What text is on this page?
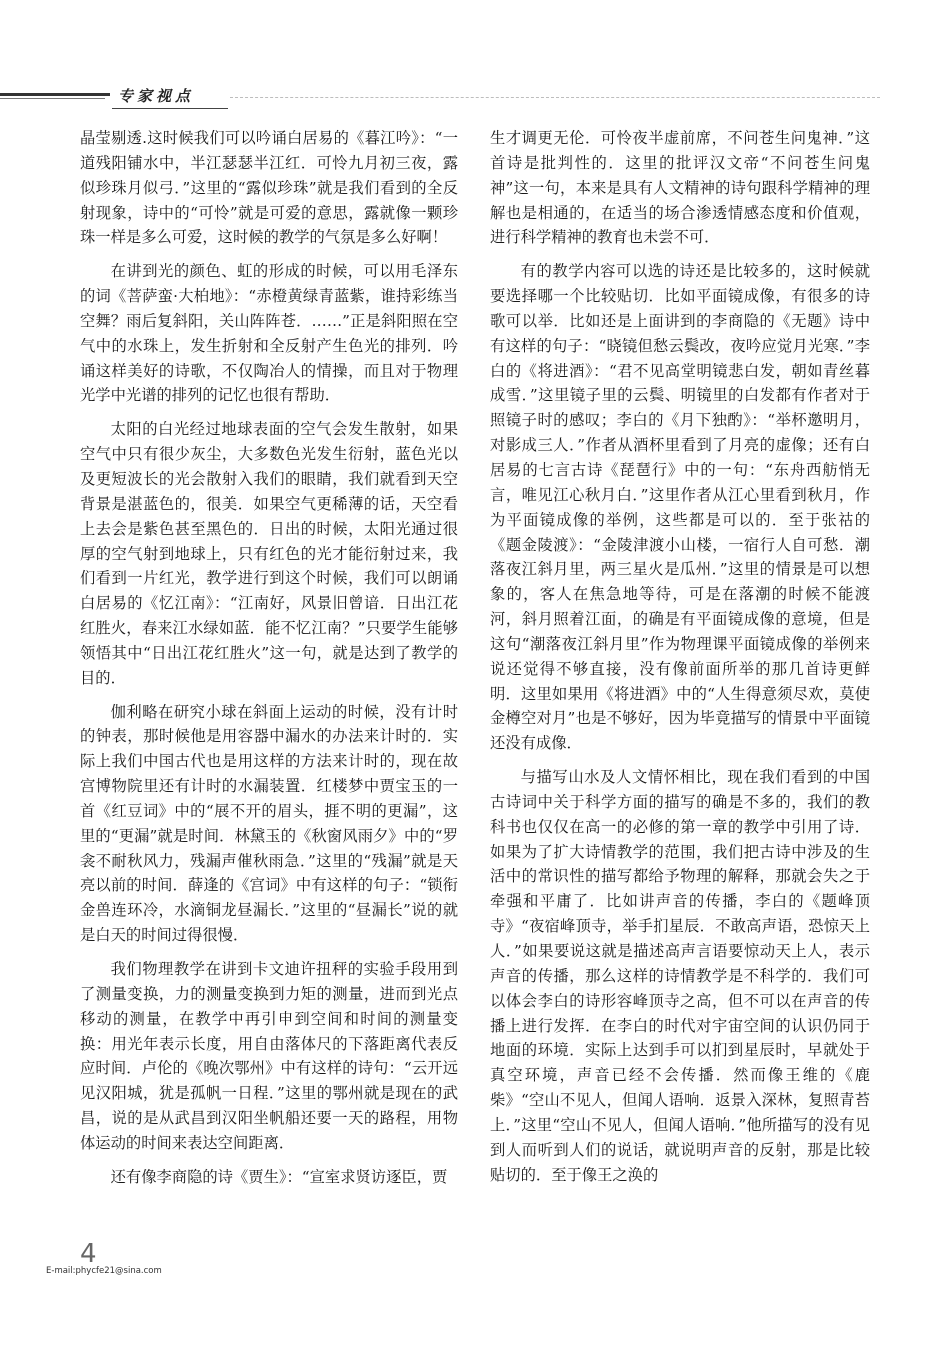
专家视点

晶莹剔透.这时候我们可以吟诵白居易的《暮江吟》：“一道残阳铺水中，半江瑟瑟半江红．可怜九月初三夜，露似珍珠月似弓．”这里的“露似珍珠”就是我们看到的全反射现象，诗中的“可怜”就是可爱的意思，露就像一颗珍珠一样是多么可爱，这时候的教学的气氛是多么好啊！

在讲到光的颜色、虹的形成的时候，可以用毛泽东的词《菩萨蛮·大柏地》：“赤橙黄绿青蓝紫，谁持彩练当空舞？雨后复斜阳，关山阵阵苍．……”正是斜阳照在空气中的水珠上，发生折射和全反射产生色光的排列．吟诵这样美好的诗歌，不仅陶冶人的情操，而且对于物理光学中光谱的排列的记忆也很有帮助．

太阳的白光经过地球表面的空气会发生散射，如果空气中只有很少灰尘，大多数色光发生衍射，蓝色光以及更短波长的光会散射入我们的眼睛，我们就看到天空背景是湛蓝色的，很美．如果空气更稀薄的话，天空看上去会是紫色甚至黑色的．日出的时候，太阳光通过很厚的空气射到地球上，只有红色的光才能衍射过来，我们看到一片红光，教学进行到这个时候，我们可以朗诵白居易的《忆江南》：“江南好，风景旧曾谙．日出江花红胜火，春来江水绿如蓝．能不忆江南？”只要学生能够领悟其中“日出江花红胜火”这一句，就是达到了教学的目的．

伽利略在研究小球在斜面上运动的时候，没有计时的钟表，那时候他是用容器中漏水的办法来计时的．实际上我们中国古代也是用这样的方法来计时的，现在故宫博物院里还有计时的水漏装置．红楼梦中贾宝玉的一首《红豆词》中的“展不开的眉头，捱不明的更漏”，这里的“更漏”就是时间．林黛玉的《秋窗风雨夕》中的“罗衾不耐秋风力，残漏声催秋雨急．”这里的“残漏”就是天亮以前的时间．薛逢的《宫词》中有这样的句子：“锁衔金兽连环冷，水滴铜龙昼漏长．”这里的“昼漏长”说的就是白天的时间过得很慢．

我们物理教学在讲到卡文迪许扭秤的实验手段用到了测量变换，力的测量变换到力矩的测量，进而到光点移动的测量，在教学中再引申到空间和时间的测量变换：用光年表示长度，用自由落体尺的下落距离代表反应时间．卢伦的《晚次鄂州》中有这样的诗句：“云开远见汉阳城，犹是孤帆一日程．”这里的鄂州就是现在的武昌，说的是从武昌到汉阳坐帆船还要一天的路程，用物体运动的时间来表达空间距离．

还有像李商隐的诗《贾生》：“宣室求贤访逐臣，贾

生才调更无伦．可怜夜半虚前席，不问苍生问鬼神．”这首诗是批判性的．这里的批评汉文帝“不问苍生问鬼神”这一句，本来是具有人文精神的诗句跟科学精神的理解也是相通的，在适当的场合渗透情感态度和价值观，进行科学精神的教育也未尝不可．

有的教学内容可以选的诗还是比较多的，这时候就要选择哪一个比较贴切．比如平面镜成像，有很多的诗歌可以举．比如还是上面讲到的李商隐的《无题》诗中有这样的句子：“晓镜但愁云鬓改，夜吟应觉月光寒．”李白的《将进酒》：“君不见高堂明镜悲白发，朝如青丝暮成雪．”这里镜子里的云鬓、明镜里的白发都有作者对于照镜子时的感叹；李白的《月下独酌》：“举杯邀明月，对影成三人．”作者从酒杯里看到了月亮的虚像；还有白居易的七言古诗《琵琶行》中的一句：“东舟西舫悄无言，唯见江心秋月白．”这里作者从江心里看到秋月，作为平面镜成像的举例，这些都是可以的．至于张祜的《题金陵渡》：“金陵津渡小山楼，一宿行人自可愁．潮落夜江斜月里，两三星火是瓜州．”这里的情景是可以想象的，客人在焦急地等待，可是在落潮的时候不能渡河，斜月照着江面，的确是有平面镜成像的意境，但是这句“潮落夜江斜月里”作为物理课平面镜成像的举例来说还觉得不够直接，没有像前面所举的那几首诗更鲜明．这里如果用《将进酒》中的“人生得意须尽欢，莫使金樽空对月”也是不够好，因为毕竟描写的情景中平面镜还没有成像．

与描写山水及人文情怀相比，现在我们看到的中国古诗词中关于科学方面的描写的确是不多的，我们的教科书也仅仅在高一的必修的第一章的教学中引用了诗．如果为了扩大诗情教学的范围，我们把古诗中涉及的生活中的常识性的描写都给予物理的解释，那就会失之于牵强和平庸了．比如讲声音的传播，李白的《题峰顶寺》“夜宿峰顶寺，举手扪星辰．不敢高声语，恐惊天上人．”如果要说这就是描述高声言语要惊动天上人，表示声音的传播，那么这样的诗情教学是不科学的．我们可以体会李白的诗形容峰顶寺之高，但不可以在声音的传播上进行发挥．在李白的时代对宇宙空间的认识仍同于地面的环境．实际上达到手可以扪到星辰时，早就处于真空环境，声音已经不会传播．然而像王维的《鹿柴》“空山不见人，但闻人语响．返景入深林，复照青苔上．”这里“空山不见人，但闻人语响．”他所描写的没有见到人而听到人们的说话，就说明声音的反射，那是比较贴切的．至于像王之涣的

4
E-mail:phycfe21@sina.com
